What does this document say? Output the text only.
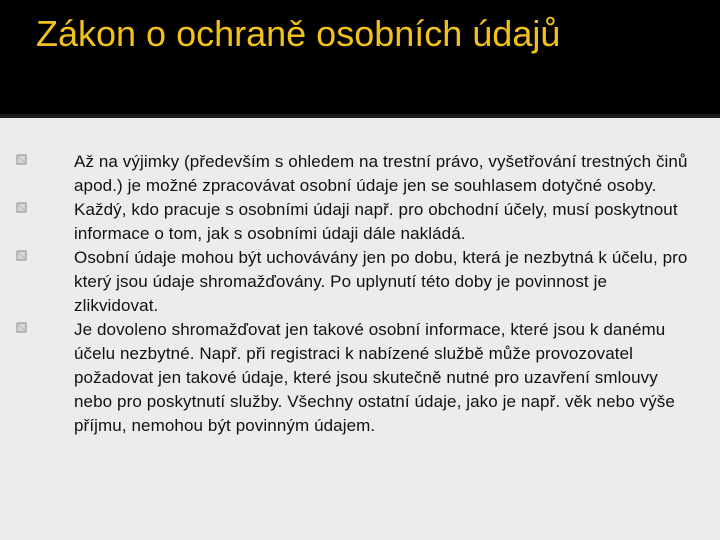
Zákon o ochraně osobních údajů
Až na výjimky (především s ohledem na trestní právo, vyšetřování trestných činů apod.) je možné zpracovávat osobní údaje jen se souhlasem dotyčné osoby.
Každý, kdo pracuje s osobními údaji např. pro obchodní účely, musí poskytnout informace o tom, jak s osobními údaji dále nakládá.
Osobní údaje mohou být uchovávány jen po dobu, která je nezbytná k účelu, pro který jsou údaje shromažďovány. Po uplynutí této doby je povinnost je zlikvidovat.
Je dovoleno shromažďovat jen takové osobní informace, které jsou k danému účelu nezbytné. Např. při registraci k nabízené službě může provozovatel požadovat jen takové údaje, které jsou skutečně nutné pro uzavření smlouvy nebo pro poskytnutí služby. Všechny ostatní údaje, jako je např. věk nebo výše příjmu, nemohou být povinným údajem.
